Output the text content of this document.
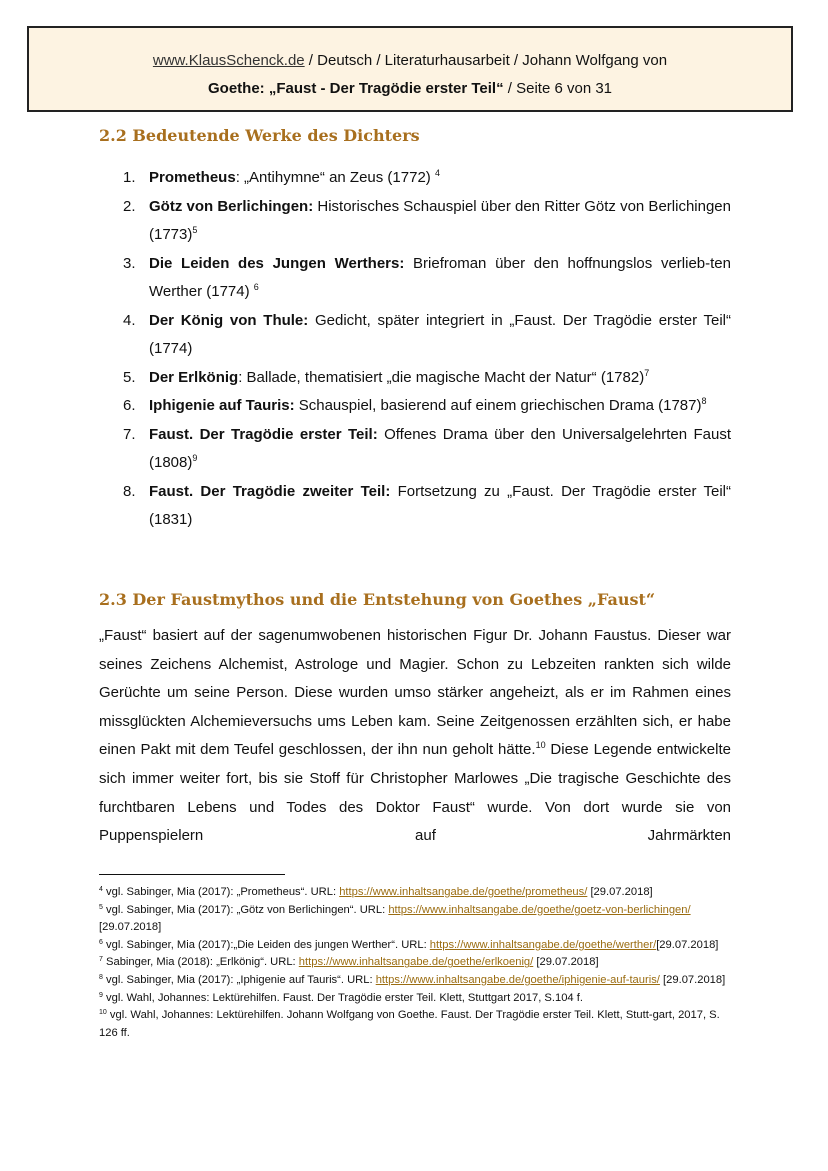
www.KlausSchenck.de / Deutsch / Literaturhausarbeit / Johann Wolfgang von
Goethe: „Faust - Der Tragödie erster Teil“ / Seite 6 von 31
2.2 Bedeutende Werke des Dichters
1. Prometheus: „Antihymne“ an Zeus (1772) $^4$
2. Götz von Berlichingen: Historisches Schauspiel über den Ritter Götz von Berlichingen $(1773)^5$
3. Die Leiden des Jungen Werthers: Briefroman über den hoffnungslos verlieb-ten Werther (1774) $^6$
4. Der König von Thule: Gedicht, später integriert in „Faust. Der Tragödie erster Teil“ (1774)
5. Der Erlkönig: Ballade, thematisiert „die magische Macht der Natur“ $(1782)^7$
6. Iphigenie auf Tauris: Schauspiel, basierend auf einem griechischen Drama $(1787)^8$
7. Faust. Der Tragödie erster Teil: Offenes Drama über den Universalgelehrten Faust $(1808)^9$
8. Faust. Der Tragödie zweiter Teil: Fortsetzung zu „Faust. Der Tragödie erster Teil“ (1831)
2.3 Der Faustmythos und die Entstehung von Goethes „Faust“
„Faust“ basiert auf der sagenumwobenen historischen Figur Dr. Johann Faustus. Dieser war seines Zeichens Alchemist, Astrologe und Magier. Schon zu Lebzeiten rankten sich wilde Gerüchte um seine Person. Diese wurden umso stärker angeheizt, als er im Rahmen eines missglückten Alchemieversuchs ums Leben kam. Seine Zeitgenossen erzählten sich, er habe einen Pakt mit dem Teufel geschlossen, der ihn nun geholt hätte.$^{10}$ Diese Legende entwickelte sich immer weiter fort, bis sie Stoff für Christopher Marlowes „Die tragische Geschichte des furchtbaren Lebens und Todes des Doktor Faust“ wurde. Von dort wurde sie von Puppenspielern auf Jahrmärkten

$^4$ vgl. Sabinger, Mia (2017): „Prometheus“. URL: https://www.inhaltsangabe.de/goethe/prometheus/ [29.07.2018]

$^5$ vgl. Sabinger, Mia (2017): „Götz von Berlichingen“. URL: https://www.inhaltsangabe.de/goethe/goetz-von-berlichingen/ [29.07.2018]

$^6$ vgl. Sabinger, Mia (2017):„Die Leiden des jungen Werther“. URL: https://www.inhaltsangabe.de/goethe/werther/[29.07.2018]

$^7$ Sabinger, Mia (2018): „Erlkönig“. URL: https://www.inhaltsangabe.de/goethe/erlkoenig/ [29.07.2018]

$^8$ vgl. Sabinger, Mia (2017): „Iphigenie auf Tauris“. URL: https://www.inhaltsangabe.de/goethe/iphigenie-auf-tauris/ [29.07.2018]

$^9$ vgl. Wahl, Johannes: Lektürehilfen. Faust. Der Tragödie erster Teil. Klett, Stuttgart 2017, S.104 f.

$^{10}$ vgl. Wahl, Johannes: Lektürehilfen. Johann Wolfgang von Goethe. Faust. Der Tragödie erster Teil. Klett, Stutt-gart, 2017, S. 126 ff.
